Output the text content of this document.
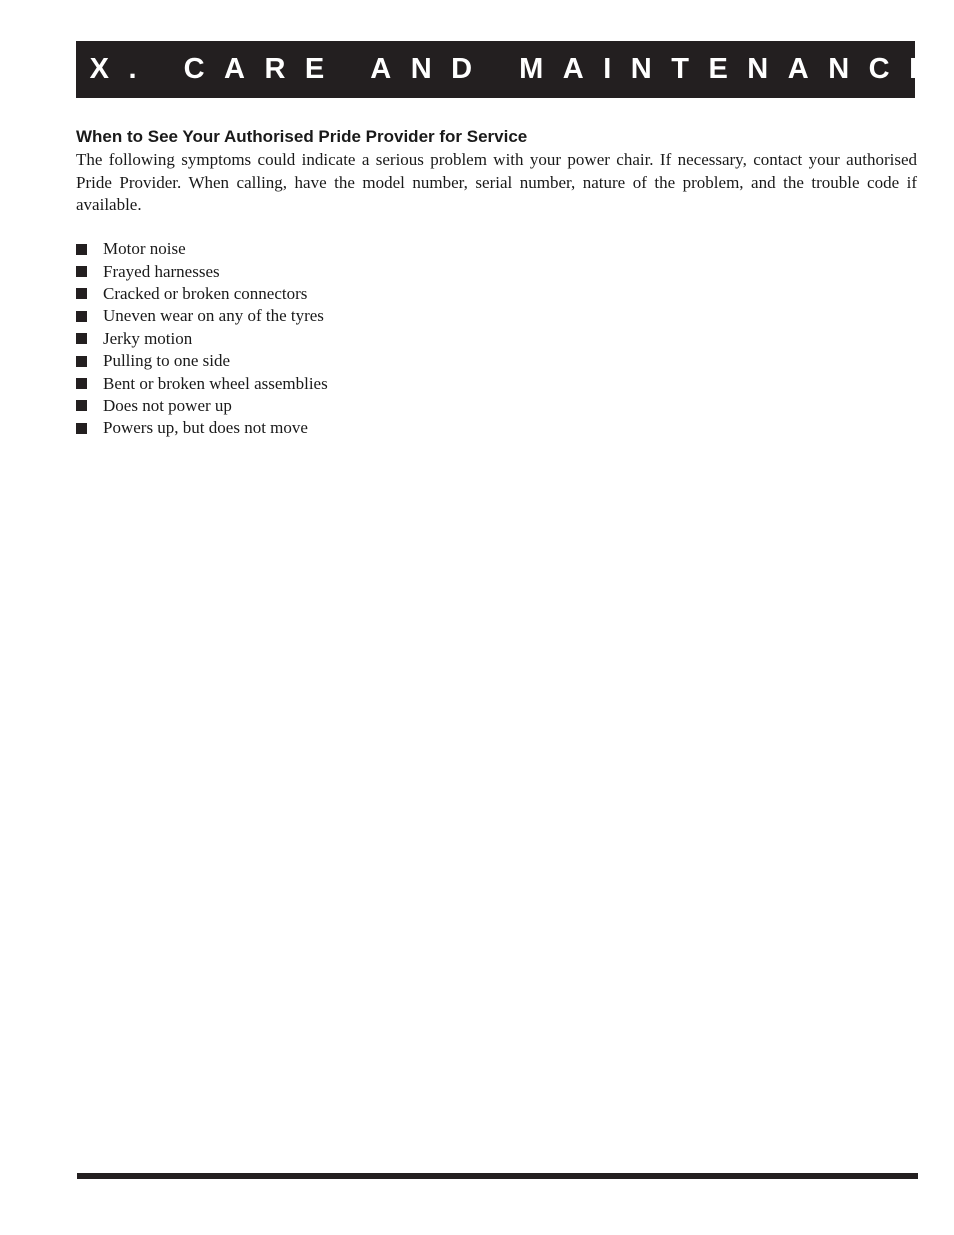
IX. CARE AND MAINTENANCE
When to See Your Authorised Pride Provider for Service

The following symptoms could indicate a serious problem with your power chair. If necessary, contact your authorised Pride Provider. When calling, have the model number, serial number, nature of the problem, and the trouble code if available.

Motor noise
Frayed harnesses
Cracked or broken connectors
Uneven wear on any of the tyres
Jerky motion
Pulling to one side
Bent or broken wheel assemblies
Does not power up
Powers up, but does not move
